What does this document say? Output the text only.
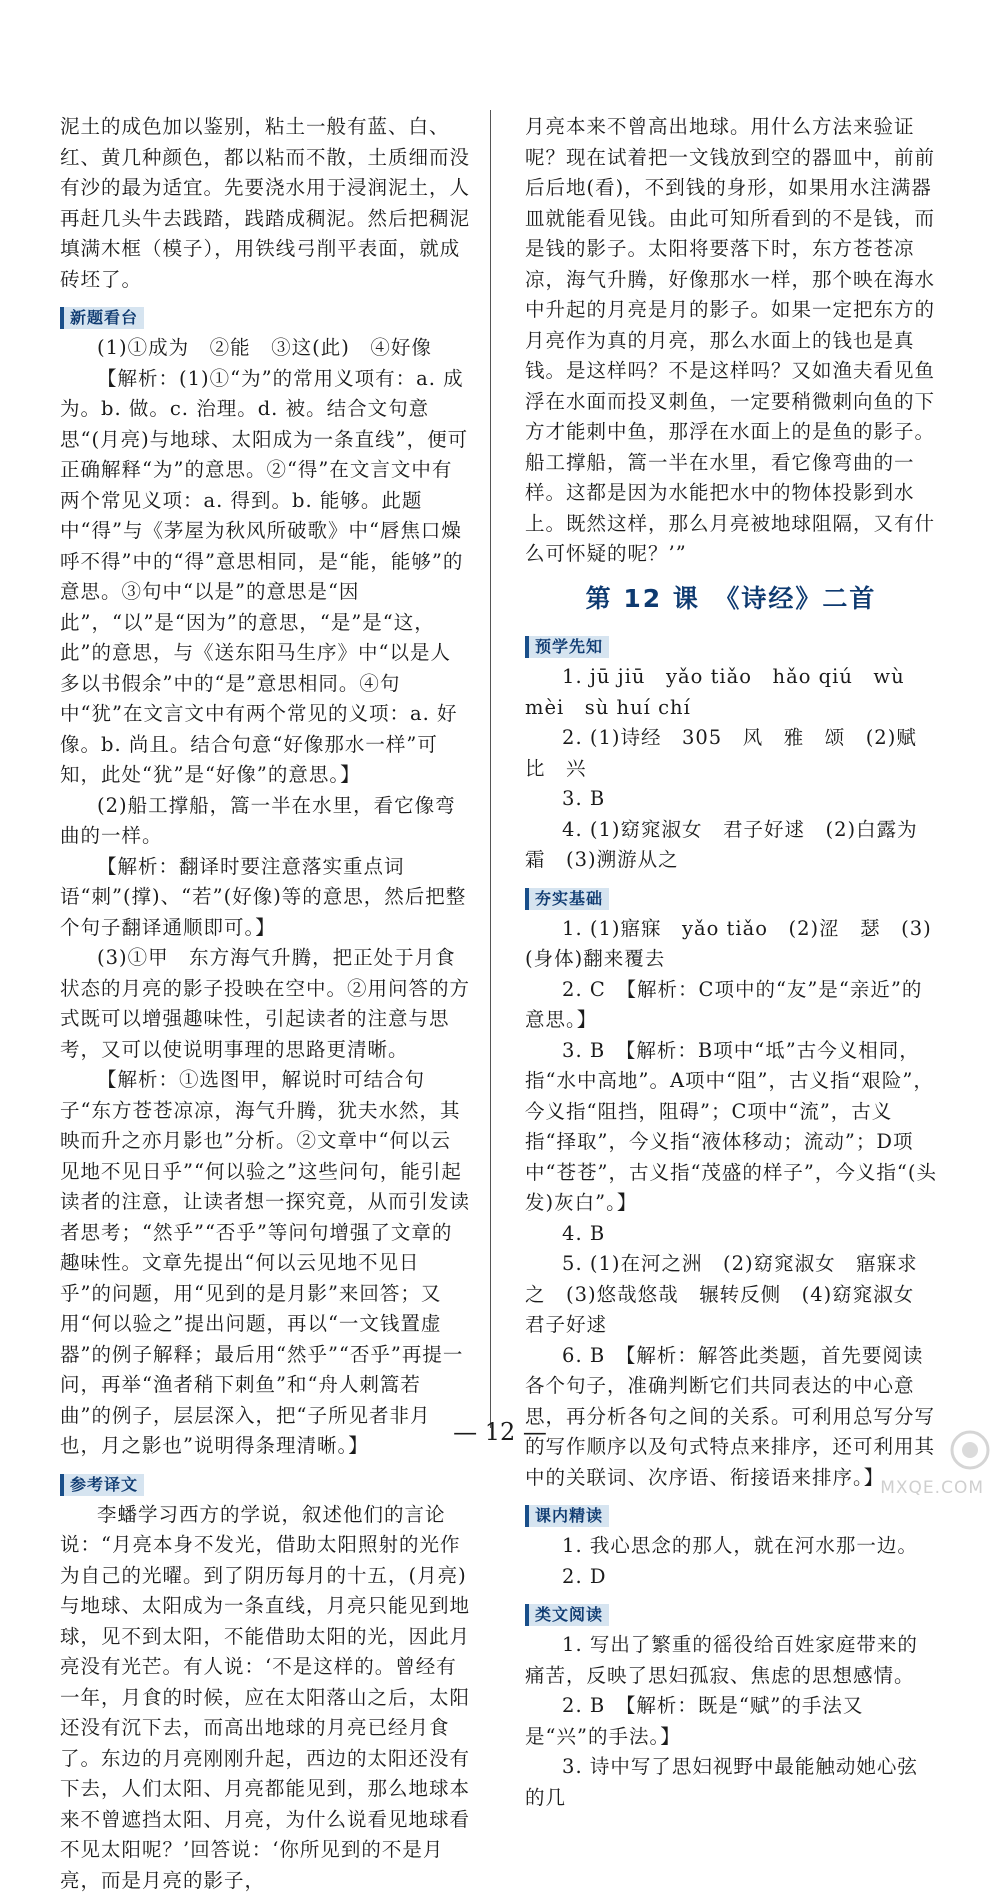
泥土的成色加以鉴别，粘土一般有蓝、白、红、黄几种颜色，都以粘而不散，土质细而没有沙的最为适宜。先要浇水用于浸润泥土，人再赶几头牛去践踏，践踏成稠泥。然后把稠泥填满木框（模子），用铁线弓削平表面，就成砖坯了。

新题看台

(1)①成为　②能　③这(此)　④好像

【解析：(1)①“为”的常用义项有：a. 成为。b. 做。c. 治理。d. 被。结合文句意思“(月亮)与地球、太阳成为一条直线”，便可正确解释“为”的意思。②“得”在文言文中有两个常见义项：a. 得到。b. 能够。此题中“得”与《茅屋为秋风所破歌》中“唇焦口燥呼不得”中的“得”意思相同，是“能，能够”的意思。③句中“以是”的意思是“因此”，“以”是“因为”的意思，“是”是“这，此”的意思，与《送东阳马生序》中“以是人多以书假余”中的“是”意思相同。④句中“犹”在文言文中有两个常见的义项：a. 好像。b. 尚且。结合句意“好像那水一样”可知，此处“犹”是“好像”的意思。】

(2)船工撑船，篙一半在水里，看它像弯曲的一样。

【解析：翻译时要注意落实重点词语“刺”(撑)、“若”(好像)等的意思，然后把整个句子翻译通顺即可。】

(3)①甲　东方海气升腾，把正处于月食状态的月亮的影子投映在空中。②用问答的方式既可以增强趣味性，引起读者的注意与思考，又可以使说明事理的思路更清晰。

【解析：①选图甲，解说时可结合句子“东方苍苍凉凉，海气升腾，犹夫水然，其映而升之亦月影也”分析。②文章中“何以云见地不见日乎”“何以验之”这些问句，能引起读者的注意，让读者想一探究竟，从而引发读者思考；“然乎”“否乎”等问句增强了文章的趣味性。文章先提出“何以云见地不见日乎”的问题，用“见到的是月影”来回答；又用“何以验之”提出问题，再以“一文钱置虚器”的例子解释；最后用“然乎”“否乎”再提一问，再举“渔者稍下刺鱼”和“舟人刺篙若曲”的例子，层层深入，把“子所见者非月也，月之影也”说明得条理清晰。】

参考译文

李蟠学习西方的学说，叙述他们的言论说：“月亮本身不发光，借助太阳照射的光作为自己的光曜。到了阴历每月的十五，(月亮)与地球、太阳成为一条直线，月亮只能见到地球，见不到太阳，不能借助太阳的光，因此月亮没有光芒。有人说：‘不是这样的。曾经有一年，月食的时候，应在太阳落山之后，太阳还没有沉下去，而高出地球的月亮已经月食了。东边的月亮刚刚升起，西边的太阳还没有下去，人们太阳、月亮都能见到，那么地球本来不曾遮挡太阳、月亮，为什么说看见地球看不见太阳呢？’回答说：‘你所见到的不是月亮，而是月亮的影子，

月亮本来不曾高出地球。用什么方法来验证呢？现在试着把一文钱放到空的器皿中，前前后后地(看)，不到钱的身形，如果用水注满器皿就能看见钱。由此可知所看到的不是钱，而是钱的影子。太阳将要落下时，东方苍苍凉凉，海气升腾，好像那水一样，那个映在海水中升起的月亮是月的影子。如果一定把东方的月亮作为真的月亮，那么水面上的钱也是真钱。是这样吗？不是这样吗？又如渔夫看见鱼浮在水面而投叉刺鱼，一定要稍微刺向鱼的下方才能刺中鱼，那浮在水面上的是鱼的影子。船工撑船，篙一半在水里，看它像弯曲的一样。这都是因为水能把水中的物体投影到水上。既然这样，那么月亮被地球阻隔，又有什么可怀疑的呢？’”

第 12 课　《诗经》二首
预学先知

1. jū jiū　yǎo tiǎo　hǎo qiú　wù mèi　sù huí chí

2. (1)诗经　305　风　雅　颂　(2)赋　比　兴

3. B

4. (1)窈窕淑女　君子好逑　(2)白露为霜　(3)溯游从之

夯实基础

1. (1)寤寐　yǎo tiǎo　(2)涩　瑟　(3)(身体)翻来覆去

2. C　【解析：C项中的“友”是“亲近”的意思。】

3. B　【解析：B项中“坻”古今义相同，指“水中高地”。A项中“阻”，古义指“艰险”，今义指“阻挡，阻碍”；C项中“流”，古义指“择取”，今义指“液体移动；流动”；D项中“苍苍”，古义指“茂盛的样子”，今义指“(头发)灰白”。】

4. B

5. (1)在河之洲　(2)窈窕淑女　寤寐求之　(3)悠哉悠哉　辗转反侧　(4)窈窕淑女　君子好逑

6. B　【解析：解答此类题，首先要阅读各个句子，准确判断它们共同表达的中心意思，再分析各句之间的关系。可利用总写分写的写作顺序以及句式特点来排序，还可利用其中的关联词、次序语、衔接语来排序。】

课内精读

1. 我心思念的那人，就在河水那一边。

2. D

类文阅读

1. 写出了繁重的徭役给百姓家庭带来的痛苦，反映了思妇孤寂、焦虑的思想感情。

2. B　【解析：既是“赋”的手法又是“兴”的手法。】

3. 诗中写了思妇视野中最能触动她心弦的几

— 12 —
MXQE.COM
